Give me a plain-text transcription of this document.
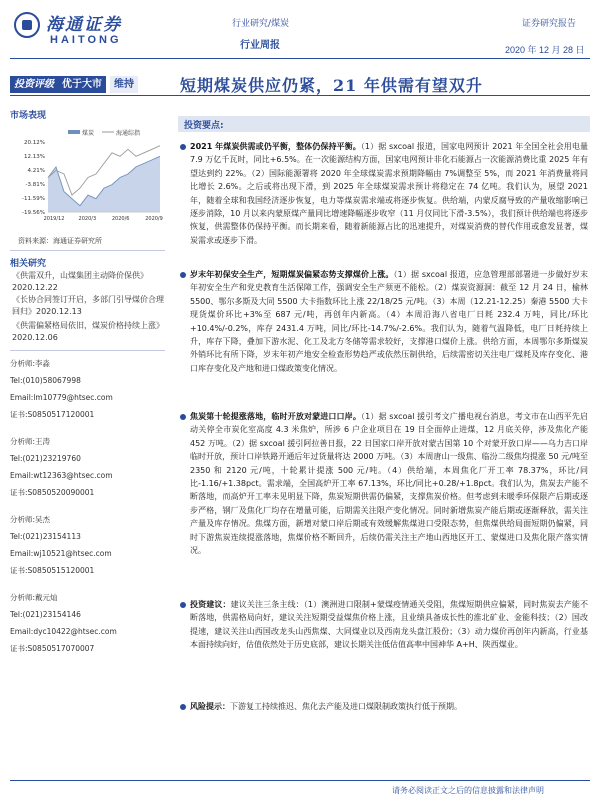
海通证券
HAITONG
行业研究/煤炭
行业周报
证券研究报告
2020 年 12 月 28 日
投资评级 优于大市	维持	短期煤炭供应仍紧，21 年供需有望双升
市场表现
煤炭	海通综指
20.12%
12.13%
4.21%
-3.81%
-11.59%
-19.56%
2019/12	2020/3	2020/6	2020/9
资料来源：海通证券研究所
相关研究
《供需双升，山煤集团主动降价保供》
2020.12.22
《长协合同签订开启，多部门引导煤价合理回归》2020.12.13
《供需偏紧格局依旧，煤炭价格持续上涨》2020.12.06
分析师:李淼
Tel:(010)58067998
Email:lm10779@htsec.com
证书:S0850517120001
分析师:王涛
Tel:(021)23219760
Email:wt12363@htsec.com
证书:S0850520090001
分析师:吴杰
Tel:(021)23154113
Email:wj10521@htsec.com
证书:S0850515120001
分析师:戴元灿
Tel:(021)23154146
Email:dyc10422@htsec.com
证书:S0850517070007
投资要点:
2021 年煤炭供需或仍平衡，整体仍保持平衡。（1）据 sxcoal 报道，国家电网预计 2021 年全国全社会用电量 7.9 万亿千瓦时，同比+6.5%。在一次能源结构方面，国家电网预计非化石能源占一次能源消费比重 2025 年有望达到约 22%。（2）国际能源署将 2020 年全球煤炭需求预期降幅由 7%调整至 5%，而 2021 年消费量将同比增长 2.6%。之后或将出现下滑，到 2025 年全球煤炭需求预计将稳定在 74 亿吨。我们认为，展望 2021 年，随着全球和我国经济逐步恢复，电力等煤炭需求端或将逐步恢复。供给端，内蒙反腐导致的产量收缩影响已逐步消除，10 月以来内蒙原煤产量同比增速降幅逐步收窄（11 月仅同比下滑-3.5%），我们预计供给端也将逐步恢复，供需整体仍保持平衡。而长期来看，随着新能源占比的迅速提升，对煤炭消费的替代作用或愈发显著，煤炭需求或逐步下滑。
岁末年初保安全生产，短期煤炭偏紧态势支撑煤价上涨。（1）据 sxcoal 报道，应急管理部部署进一步做好岁末年初安全生产和党史教育生活保障工作，强调安全生产须更不能松。（2）煤炭资源洞：截至 12 月 24 日，榆林 5500、鄂尔多斯及大同 5500 大卡指数环比上涨 22/18/25 元/吨。（3）本周（12.21-12.25）秦港 5500 大卡现货煤价环比+3%至 687 元/吨，再创年内新高。（4）本周沿海八省电厂日耗 232.4 万吨，同比/环比+10.4%/-0.2%，库存 2431.4 万吨，同比/环比-14.7%/-2.6%。我们认为，随着气温降低，电厂日耗持续上升，库存下降，叠加下游水泥、化工及北方冬储等需求较好，支撑港口煤价上涨。供给方面，本周鄂尔多斯煤炭外销环比有所下降，岁末年初产地安全检查形势趋严或依然压制供给，后续需密切关注电厂煤耗及库存变化、港口库存变化及产地和进口煤政策变化情况。
焦炭第十轮提涨落地，临时开放对蒙进口口岸。（1）据 sxcoal 援引考文广播电视台消息，考文市在山西平先启动关停全市炭化室高度 4.3 米焦炉，所涉 6 户企业项目在 19 日全面停止进煤，12 月底关停，涉及焦化产能 452 万吨。（2）据 sxcoal 援引阿拉善日报，22 日国家口岸开放对蒙古国第 10 个对蒙开放口岸——乌力吉口岸临时开放，预计口岸铁路开通后年过货量将达 2000 万吨。（3）本周唐山一级焦、临汾二级焦均提涨 50 元/吨至 2350 和 2120 元/吨，十轮累计提涨 500 元/吨。（4）供给端，本周焦化厂开工率 78.37%，环比/同比-1.16/+1.38pct。需求端，全国高炉开工率 67.13%，环比/同比+0.28/+1.8pct。我们认为，焦炭去产能不断落地，而高炉开工率未见明显下降，焦炭短期供需仍偏紧，支撑焦炭价格。但考虑到未暖季环保限产后期或逐步严格，钢厂及焦化厂均存在增量可能，后期需关注限产变化情况。同时新增焦炭产能后期或逐渐释放，需关注产量及库存情况。焦煤方面，新增对蒙口岸后期或有效缓解焦煤进口受限态势，但焦煤供给局面短期仍偏紧，同时下游焦炭连续提涨落地，焦煤价格不断回升，后续仍需关注主产地山西地区开工、蒙煤进口及焦化限产落实情况。
投资建议：建议关注三条主线：（1）澳洲进口限制+蒙煤疫情通关受阻，焦煤短期供应偏紧，同时焦炭去产能不断落地，供需格局向好，建议关注短期受益煤焦价格上涨，且业绩具备成长性的淮北矿业、金能科技；（2）国改提速，建议关注山西国改龙头山西焦煤、大同煤业以及西南龙头盘江股份；（3）动力煤价再创年内新高，行业基本面持续向好，估值依然处于历史底部，建议长期关注低估值高率中国神华 A+H、陕西煤业。
风险提示：下游复工持续推迟、焦化去产能及进口煤限制政策执行低于预期。
请务必阅读正文之后的信息披露和法律声明
